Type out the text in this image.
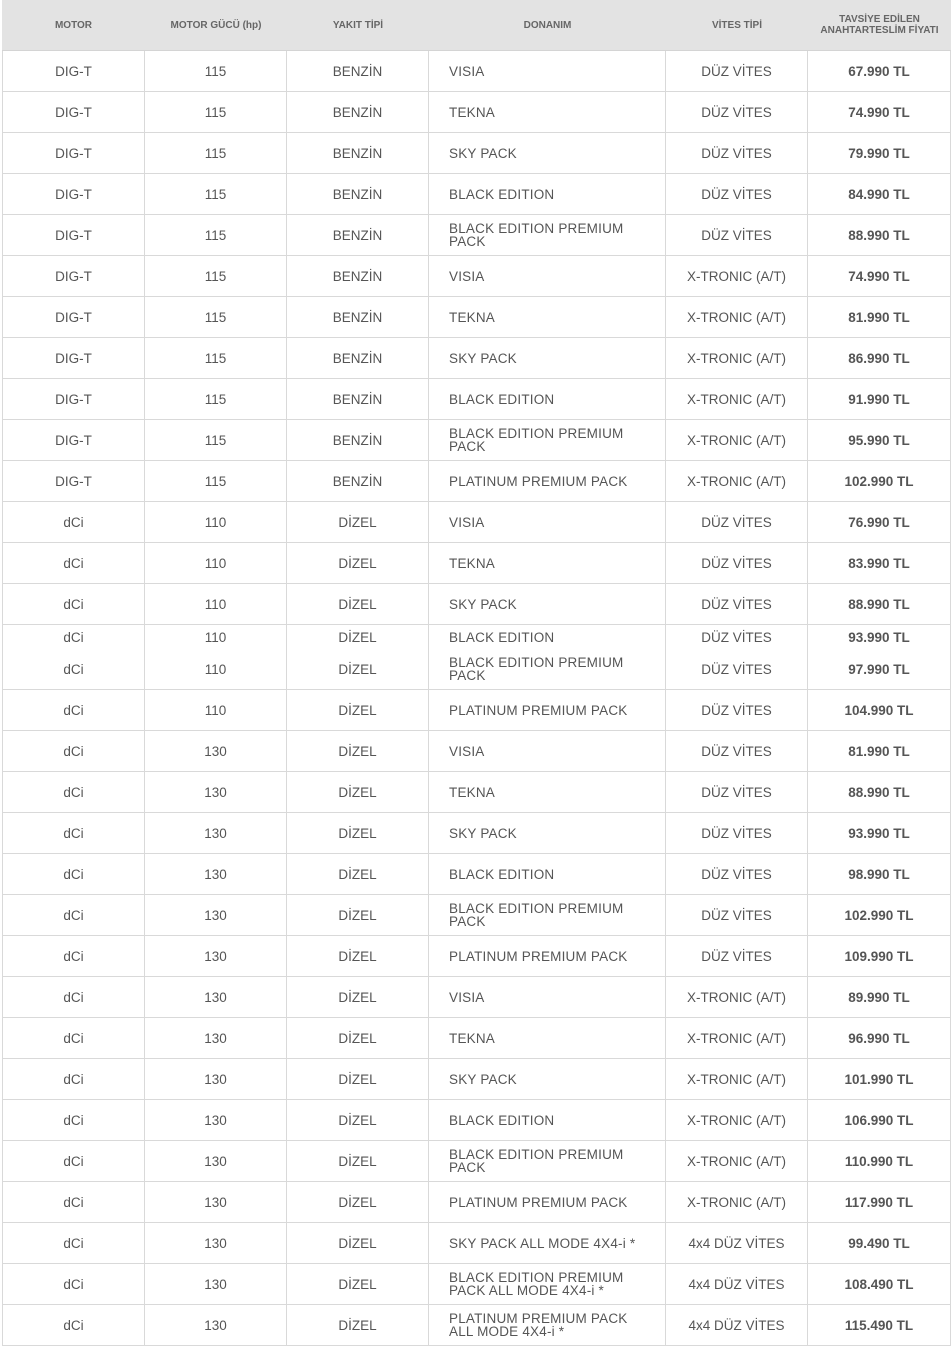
MOTOR	MOTOR GÜCÜ (hp)	YAKIT TİPİ	DONANIM	VİTES TİPİ	TAVSİYE EDİLEN ANAHTARTESLİM FİYATI
DIG-T	115	BENZİN	VISIA	DÜZ VİTES	67.990 TL
DIG-T	115	BENZİN	TEKNA	DÜZ VİTES	74.990 TL
DIG-T	115	BENZİN	SKY PACK	DÜZ VİTES	79.990 TL
DIG-T	115	BENZİN	BLACK EDITION	DÜZ VİTES	84.990 TL
DIG-T	115	BENZİN	BLACK EDITION PREMIUM PACK	DÜZ VİTES	88.990 TL
DIG-T	115	BENZİN	VISIA	X-TRONIC (A/T)	74.990 TL
DIG-T	115	BENZİN	TEKNA	X-TRONIC (A/T)	81.990 TL
DIG-T	115	BENZİN	SKY PACK	X-TRONIC (A/T)	86.990 TL
DIG-T	115	BENZİN	BLACK EDITION	X-TRONIC (A/T)	91.990 TL
DIG-T	115	BENZİN	BLACK EDITION PREMIUM PACK	X-TRONIC (A/T)	95.990 TL
DIG-T	115	BENZİN	PLATINUM PREMIUM PACK	X-TRONIC (A/T)	102.990 TL
dCi	110	DİZEL	VISIA	DÜZ VİTES	76.990 TL
dCi	110	DİZEL	TEKNA	DÜZ VİTES	83.990 TL
dCi	110	DİZEL	SKY PACK	DÜZ VİTES	88.990 TL
dCi	110	DİZEL	BLACK EDITION	DÜZ VİTES	93.990 TL
dCi	110	DİZEL	BLACK EDITION PREMIUM PACK	DÜZ VİTES	97.990 TL
dCi	110	DİZEL	PLATINUM PREMIUM PACK	DÜZ VİTES	104.990 TL
dCi	130	DİZEL	VISIA	DÜZ VİTES	81.990 TL
dCi	130	DİZEL	TEKNA	DÜZ VİTES	88.990 TL
dCi	130	DİZEL	SKY PACK	DÜZ VİTES	93.990 TL
dCi	130	DİZEL	BLACK EDITION	DÜZ VİTES	98.990 TL
dCi	130	DİZEL	BLACK EDITION PREMIUM PACK	DÜZ VİTES	102.990 TL
dCi	130	DİZEL	PLATINUM PREMIUM PACK	DÜZ VİTES	109.990 TL
dCi	130	DİZEL	VISIA	X-TRONIC (A/T)	89.990 TL
dCi	130	DİZEL	TEKNA	X-TRONIC (A/T)	96.990 TL
dCi	130	DİZEL	SKY PACK	X-TRONIC (A/T)	101.990 TL
dCi	130	DİZEL	BLACK EDITION	X-TRONIC (A/T)	106.990 TL
dCi	130	DİZEL	BLACK EDITION PREMIUM PACK	X-TRONIC (A/T)	110.990 TL
dCi	130	DİZEL	PLATINUM PREMIUM PACK	X-TRONIC (A/T)	117.990 TL
dCi	130	DİZEL	SKY PACK ALL MODE 4X4-i *	4x4 DÜZ VİTES	99.490 TL
dCi	130	DİZEL	BLACK EDITION PREMIUM PACK ALL MODE 4X4-i *	4x4 DÜZ VİTES	108.490 TL
dCi	130	DİZEL	PLATINUM PREMIUM PACK ALL MODE 4X4-i *	4x4 DÜZ VİTES	115.490 TL
